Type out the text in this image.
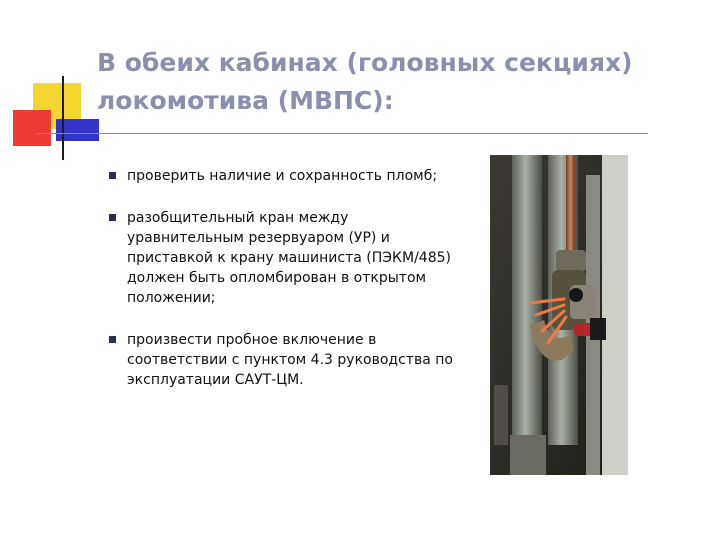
В обеих кабинах (головных секциях)
локомотива (МВПС):
проверить наличие и сохранность пломб;
разобщительный кран между уравнительным резервуаром (УР) и приставкой к крану машиниста (ПЭКМ/485) должен быть опломбирован в открытом положении;
произвести пробное включение в соответствии с пунктом 4.3 руководства по эксплуатации САУТ-ЦМ.
